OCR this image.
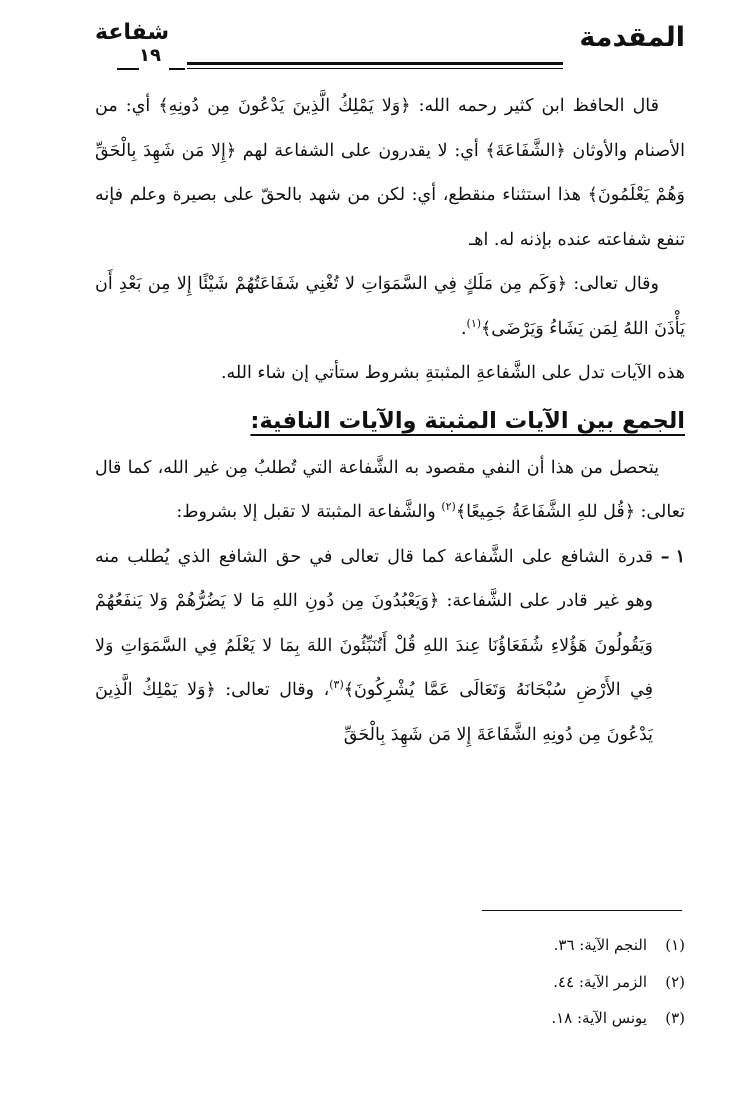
المقدمة
شفاعة
١٩

قال الحافظ ابن كثير رحمه الله: ﴿وَلا يَمْلِكُ الَّذِينَ يَدْعُونَ مِن دُونِهِ﴾ أي: من الأصنام والأوثان ﴿الشَّفَاعَةَ﴾ أي: لا يقدرون على الشفاعة لهم ﴿إِلا مَن شَهِدَ بِالْحَقِّ وَهُمْ يَعْلَمُونَ﴾ هذا استثناء منقطع، أي: لكن من شهد بالحقّ على بصيرة وعلم فإنه تنفع شفاعته عنده بإذنه له. اهـ

وقال تعالى: ﴿وَكَم مِن مَلَكٍ فِي السَّمَوَاتِ لا تُغْنِي شَفَاعَتُهُمْ شَيْئًا إِلا مِن بَعْدِ أَن يَأْذَنَ اللهُ لِمَن يَشَاءُ وَيَرْضَى﴾$^{(١)}$.

هذه الآيات تدل على الشَّفاعةِ المثبتةِ بشروط ستأتي إن شاء الله.

الجمع بين الآيات المثبتة والآيات النافية:

يتحصل من هذا أن النفي مقصود به الشَّفاعة التي تُطلبُ مِن غير الله، كما قال تعالى: ﴿قُل للهِ الشَّفَاعَةُ جَمِيعًا﴾$^{(٢)}$ والشَّفاعة المثبتة لا تقبل إلا بشروط:

١ –
قدرة الشافع على الشَّفاعة كما قال تعالى في حق الشافع الذي يُطلب منه وهو غير قادر على الشَّفاعة: ﴿وَيَعْبُدُونَ مِن دُونِ اللهِ مَا لا يَضُرُّهُمْ وَلا يَنفَعُهُمْ وَيَقُولُونَ هَؤُلاءِ شُفَعَاؤُنَا عِندَ اللهِ قُلْ أَتُنَبِّئُونَ اللهَ بِمَا لا يَعْلَمُ فِي السَّمَوَاتِ وَلا فِي الأَرْضِ سُبْحَانَهُ وَتَعَالَى عَمَّا يُشْرِكُونَ﴾$^{(٣)}$، وقال تعالى: ﴿وَلا يَمْلِكُ الَّذِينَ يَدْعُونَ مِن دُونِهِ الشَّفَاعَةَ إِلا مَن شَهِدَ بِالْحَقِّ

(١)النجم الآية: ٣٦.
(٢)الزمر الآية: ٤٤.
(٣)يونس الآية: ١٨.
